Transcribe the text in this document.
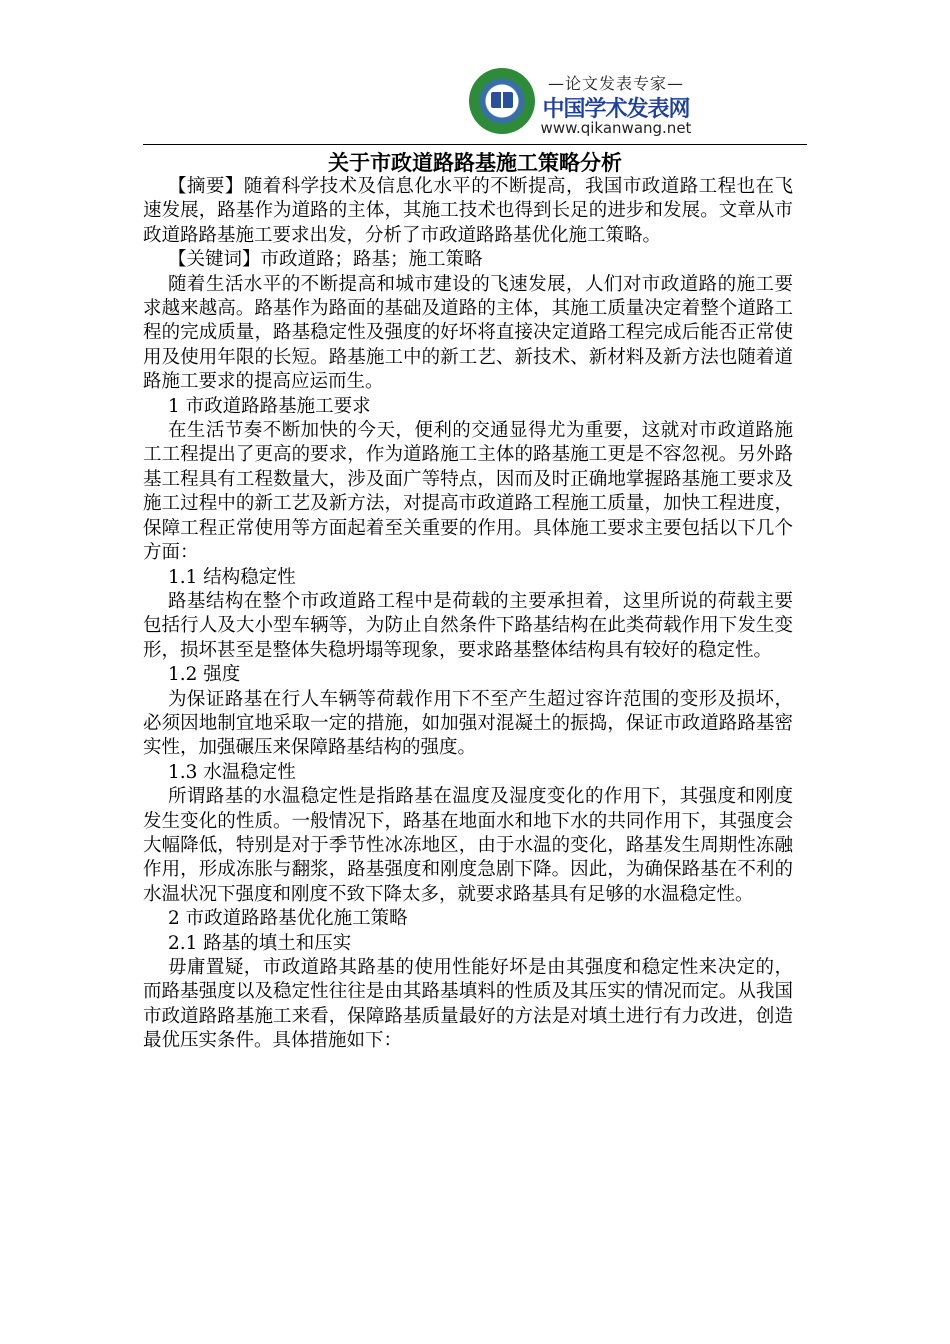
—论文发表专家—
中国学术发表网
www.qikanwang.net
关于市政道路路基施工策略分析

【摘要】随着科学技术及信息化水平的不断提高，我国市政道路工程也在飞速发展，路基作为道路的主体，其施工技术也得到长足的进步和发展。文章从市政道路路基施工要求出发，分析了市政道路路基优化施工策略。

【关键词】市政道路；路基；施工策略

随着生活水平的不断提高和城市建设的飞速发展，人们对市政道路的施工要求越来越高。路基作为路面的基础及道路的主体，其施工质量决定着整个道路工程的完成质量，路基稳定性及强度的好坏将直接决定道路工程完成后能否正常使用及使用年限的长短。路基施工中的新工艺、新技术、新材料及新方法也随着道路施工要求的提高应运而生。

1 市政道路路基施工要求

在生活节奏不断加快的今天，便利的交通显得尤为重要，这就对市政道路施工工程提出了更高的要求，作为道路施工主体的路基施工更是不容忽视。另外路基工程具有工程数量大，涉及面广等特点，因而及时正确地掌握路基施工要求及施工过程中的新工艺及新方法，对提高市政道路工程施工质量，加快工程进度，保障工程正常使用等方面起着至关重要的作用。具体施工要求主要包括以下几个方面：

1.1 结构稳定性

路基结构在整个市政道路工程中是荷载的主要承担着，这里所说的荷载主要包括行人及大小型车辆等，为防止自然条件下路基结构在此类荷载作用下发生变形，损坏甚至是整体失稳坍塌等现象，要求路基整体结构具有较好的稳定性。

1.2 强度

为保证路基在行人车辆等荷载作用下不至产生超过容许范围的变形及损坏，必须因地制宜地采取一定的措施，如加强对混凝土的振捣，保证市政道路路基密实性，加强碾压来保障路基结构的强度。

1.3 水温稳定性

所谓路基的水温稳定性是指路基在温度及湿度变化的作用下，其强度和刚度发生变化的性质。一般情况下，路基在地面水和地下水的共同作用下，其强度会大幅降低，特别是对于季节性冰冻地区，由于水温的变化，路基发生周期性冻融作用，形成冻胀与翻浆，路基强度和刚度急剧下降。因此，为确保路基在不利的水温状况下强度和刚度不致下降太多，就要求路基具有足够的水温稳定性。

2 市政道路路基优化施工策略

2.1 路基的填土和压实

毋庸置疑，市政道路其路基的使用性能好坏是由其强度和稳定性来决定的，而路基强度以及稳定性往往是由其路基填料的性质及其压实的情况而定。从我国市政道路路基施工来看，保障路基质量最好的方法是对填土进行有力改进，创造最优压实条件。具体措施如下：
